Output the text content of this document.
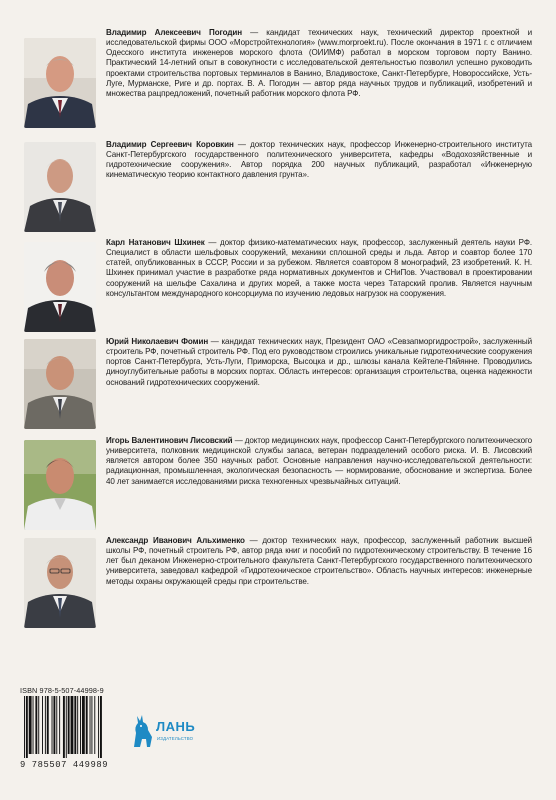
Владимир Алексеевич Погодин — кандидат технических наук, технический директор проектной и исследовательской фирмы ООО «Морстройтехнология» (www.morproekt.ru). После окончания в 1971 г. с отличием Одесского института инженеров морского флота (ОИИМФ) работал в морском торговом порту Ванино. Практический 14-летний опыт в совокупности с исследовательской деятельностью позволил успешно руководить проектами строительства портовых терминалов в Ванино, Владивостоке, Санкт-Петербурге, Новороссийске, Усть-Луге, Мурманске, Риге и др. портах. В. А. Погодин — автор ряда научных трудов и публикаций, изобретений и множества рацпредложений, почетный работник морского флота РФ.
Владимир Сергеевич Коровкин — доктор технических наук, профессор Инженерно-строительного института Санкт-Петербургского государственного политехнического университета, кафедры «Водохозяйственные и гидротехнические сооружения». Автор порядка 200 научных публикаций, разработал «Инженерную кинематическую теорию контактного давления грунта».
Карл Натанович Шхинек — доктор физико-математических наук, профессор, заслуженный деятель науки РФ. Специалист в области шельфовых сооружений, механики сплошной среды и льда. Автор и соавтор более 170 статей, опубликованных в СССР, России и за рубежом. Является соавтором 8 монографий, 23 изобретений. К. Н. Шхинек принимал участие в разработке ряда нормативных документов и СНиПов. Участвовал в проектировании сооружений на шельфе Сахалина и других морей, а также моста через Татарский пролив. Является научным консультантом международного консорциума по изучению ледовых нагрузок на сооружения.
Юрий Николаевич Фомин — кандидат технических наук, Президент ОАО «Севзапморгидрострой», заслуженный строитель РФ, почетный строитель РФ. Под его руководством строились уникальные гидротехнические сооружения портов Санкт-Петербурга, Усть-Луги, Приморска, Высоцка и др., шлюзы канала Кейтеле-Пяйянне. Проводились диноуглубительные работы в морских портах. Область интересов: организация строительства, оценка надежности оснований гидротехнических сооружений.
Игорь Валентинович Лисовский — доктор медицинских наук, профессор Санкт-Петербургского политехнического университета, полковник медицинской службы запаса, ветеран подразделений особого риска. И. В. Лисовский является автором более 350 научных работ. Основные направления научно-исследовательской деятельности: радиационная, промышленная, экологическая безопасность — нормирование, обоснование и экспертиза. Более 40 лет занимается исследованиями риска техногенных чрезвычайных ситуаций.
Александр Иванович Альхименко — доктор технических наук, профессор, заслуженный работник высшей школы РФ, почетный строитель РФ, автор ряда книг и пособий по гидротехническому строительству. В течение 16 лет был деканом Инженерно-строительного факультета Санкт-Петербургского государственного политехнического университета, заведовал кафедрой «Гидротехническое строительство». Область научных интересов: инженерные методы охраны окружающей среды при строительстве.
ISBN 978-5-507-44998-9
9 785507 449989
ЛАНЬ
ИЗДАТЕЛЬСТВО
